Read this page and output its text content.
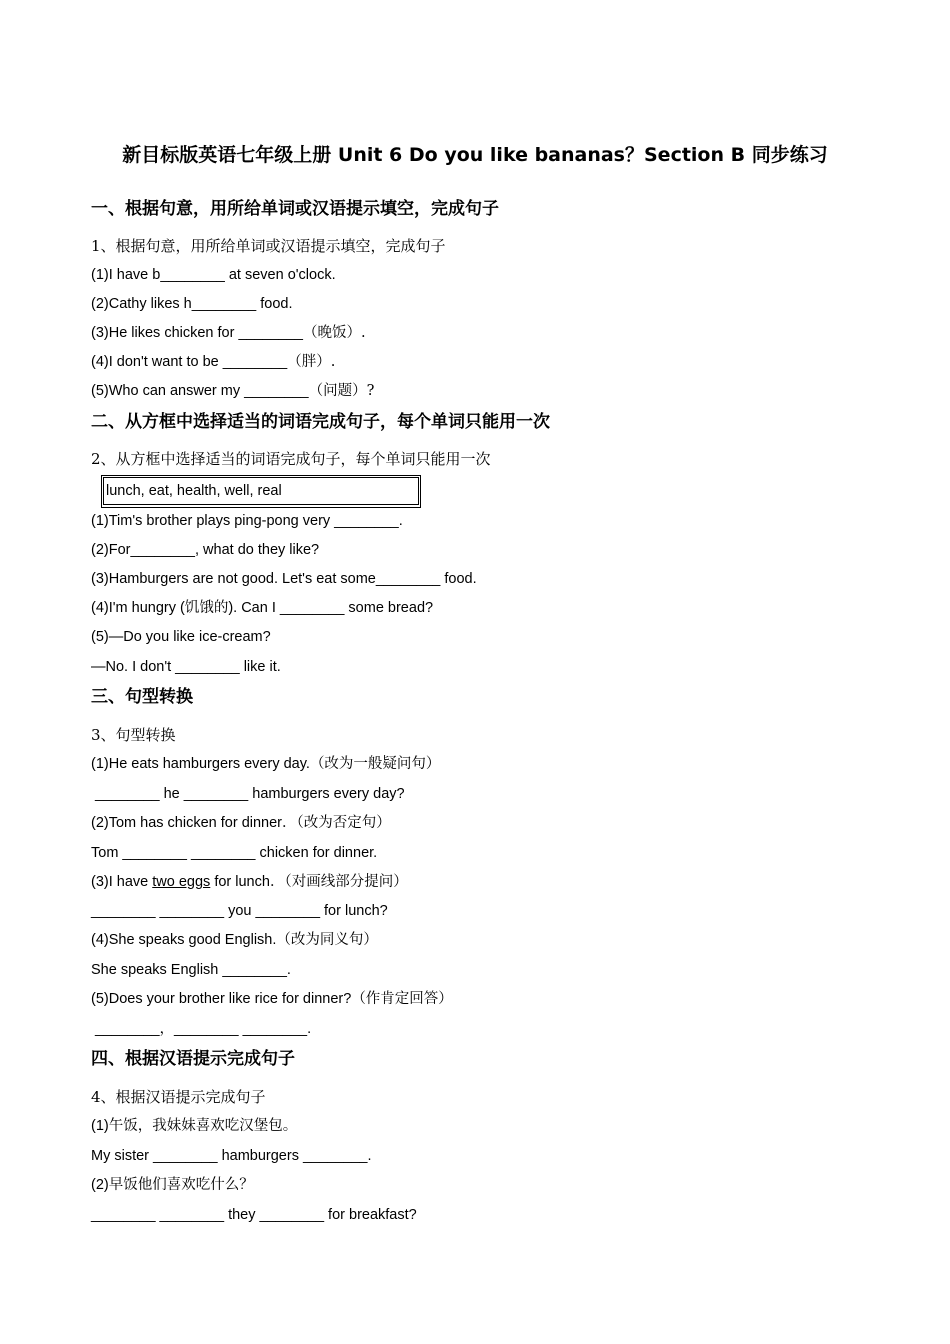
新目标版英语七年级上册 Unit 6 Do you like bananas？Section B 同步练习
一、根据句意，用所给单词或汉语提示填空，完成句子
1、根据句意，用所给单词或汉语提示填空，完成句子
(1)I have b________ at seven o'clock.
(2)Cathy likes h________ food.
(3)He likes chicken for ________（晚饭）.
(4)I don't want to be ________（胖）.
(5)Who can answer my ________（问题）?
二、从方框中选择适当的词语完成句子，每个单词只能用一次
2、从方框中选择适当的词语完成句子，每个单词只能用一次
lunch, eat, health, well, real
(1)Tim's brother plays ping-pong very ________.
(2)For________, what do they like?
(3)Hamburgers are not good. Let's eat some________ food.
(4)I'm hungry (饥饿的). Can I ________ some bread?
(5)—Do you like ice-cream?
—No. I don't ________ like it.
三、句型转换
3、句型转换
(1)He eats hamburgers every day.（改为一般疑问句）
________ he ________ hamburgers every day?
(2)Tom has chicken for dinner．（改为否定句）
Tom ________ ________ chicken for dinner.
(3)I have two eggs for lunch．（对画线部分提问）
________ ________ you ________ for lunch?
(4)She speaks good English.（改为同义句）
She speaks English ________.
(5)Does your brother like rice for dinner?（作肯定回答）
________，________ ________.
四、根据汉语提示完成句子
4、根据汉语提示完成句子
(1)午饭，我妹妹喜欢吃汉堡包。
My sister ________ hamburgers ________.
(2)早饭他们喜欢吃什么？
________ ________ they ________ for breakfast?
